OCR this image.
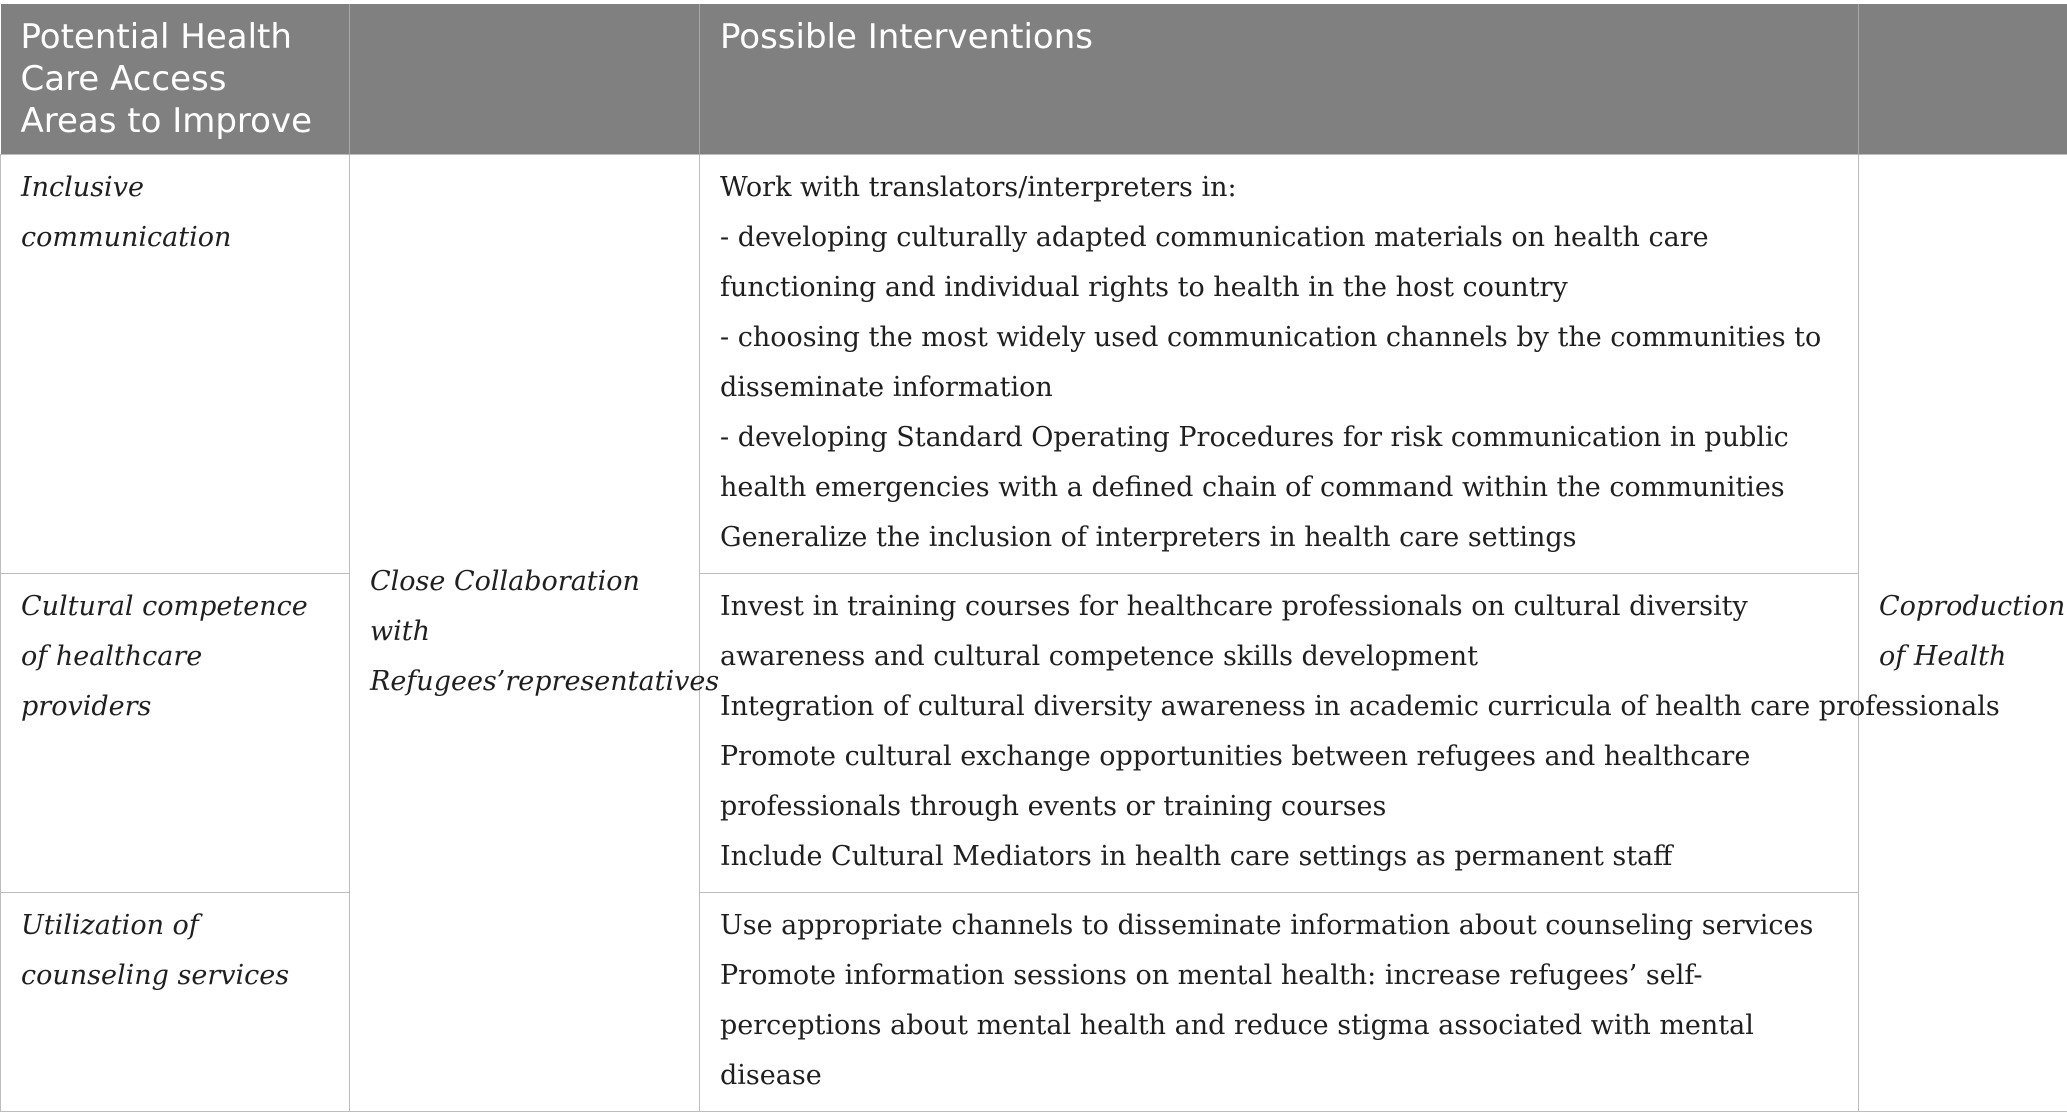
Potential Health Care Access Areas to Improve		Possible Interventions	
Inclusive communication	Close Collaboration with Refugees’representatives	Work with translators/interpreters in:
- developing culturally adapted communication materials on health care functioning and individual rights to health in the host country
- choosing the most widely used communication channels by the communities to disseminate information
- developing Standard Operating Procedures for risk communication in public health emergencies with a defined chain of command within the communities
Generalize the inclusion of interpreters in health care settings	Coproduction of Health
Cultural competence of healthcare providers		Invest in training courses for healthcare professionals on cultural diversity awareness and cultural competence skills development
Integration of cultural diversity awareness in academic curricula of health care professionals
Promote cultural exchange opportunities between refugees and healthcare professionals through events or training courses
Include Cultural Mediators in health care settings as permanent staff	

Utilization of counseling services		Use appropriate channels to disseminate information about counseling services
Promote information sessions on mental health: increase refugees’ self-perceptions about mental health and reduce stigma associated with mental disease	
